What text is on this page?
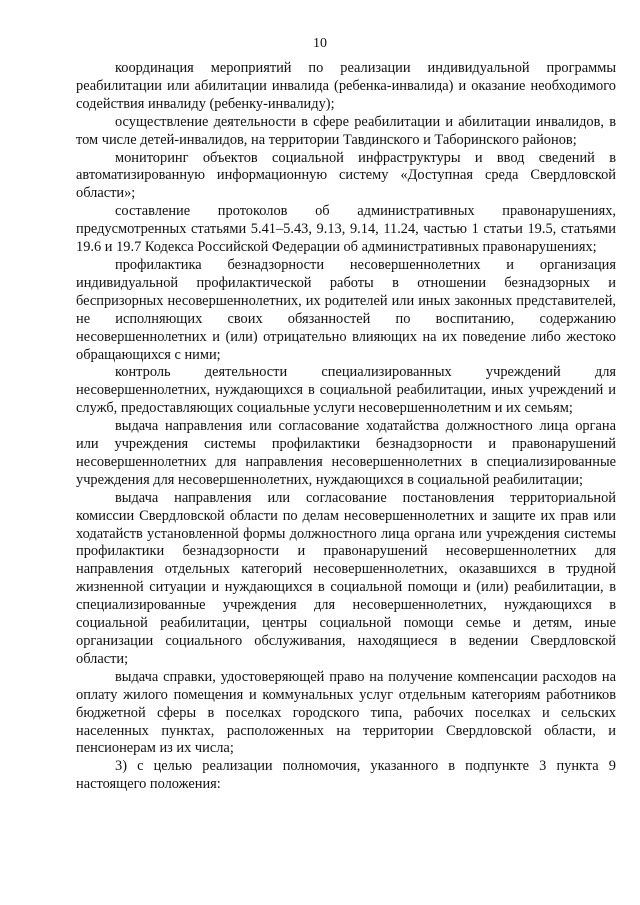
10

координация мероприятий по реализации индивидуальной программы реабилитации или абилитации инвалида (ребенка-инвалида) и оказание необходимого содействия инвалиду (ребенку-инвалиду);

осуществление деятельности в сфере реабилитации и абилитации инвалидов, в том числе детей-инвалидов, на территории Тавдинского и Таборинского районов;

мониторинг объектов социальной инфраструктуры и ввод сведений в автоматизированную информационную систему «Доступная среда Свердловской области»;

составление протоколов об административных правонарушениях, предусмотренных статьями 5.41–5.43, 9.13, 9.14, 11.24, частью 1 статьи 19.5, статьями 19.6 и 19.7 Кодекса Российской Федерации об административных правонарушениях;

профилактика безнадзорности несовершеннолетних и организация индивидуальной профилактической работы в отношении безнадзорных и беспризорных несовершеннолетних, их родителей или иных законных представителей, не исполняющих своих обязанностей по воспитанию, содержанию несовершеннолетних и (или) отрицательно влияющих на их поведение либо жестоко обращающихся с ними;

контроль деятельности специализированных учреждений для несовершеннолетних, нуждающихся в социальной реабилитации, иных учреждений и служб, предоставляющих социальные услуги несовершеннолетним и их семьям;

выдача направления или согласование ходатайства должностного лица органа или учреждения системы профилактики безнадзорности и правонарушений несовершеннолетних для направления несовершеннолетних в специализированные учреждения для несовершеннолетних, нуждающихся в социальной реабилитации;

выдача направления или согласование постановления территориальной комиссии Свердловской области по делам несовершеннолетних и защите их прав или ходатайств установленной формы должностного лица органа или учреждения системы профилактики безнадзорности и правонарушений несовершеннолетних для направления отдельных категорий несовершеннолетних, оказавшихся в трудной жизненной ситуации и нуждающихся в социальной помощи и (или) реабилитации, в специализированные учреждения для несовершеннолетних, нуждающихся в социальной реабилитации, центры социальной помощи семье и детям, иные организации социального обслуживания, находящиеся в ведении Свердловской области;

выдача справки, удостоверяющей право на получение компенсации расходов на оплату жилого помещения и коммунальных услуг отдельным категориям работников бюджетной сферы в поселках городского типа, рабочих поселках и сельских населенных пунктах, расположенных на территории Свердловской области, и пенсионерам из их числа;

3) с целью реализации полномочия, указанного в подпункте 3 пункта 9 настоящего положения:
